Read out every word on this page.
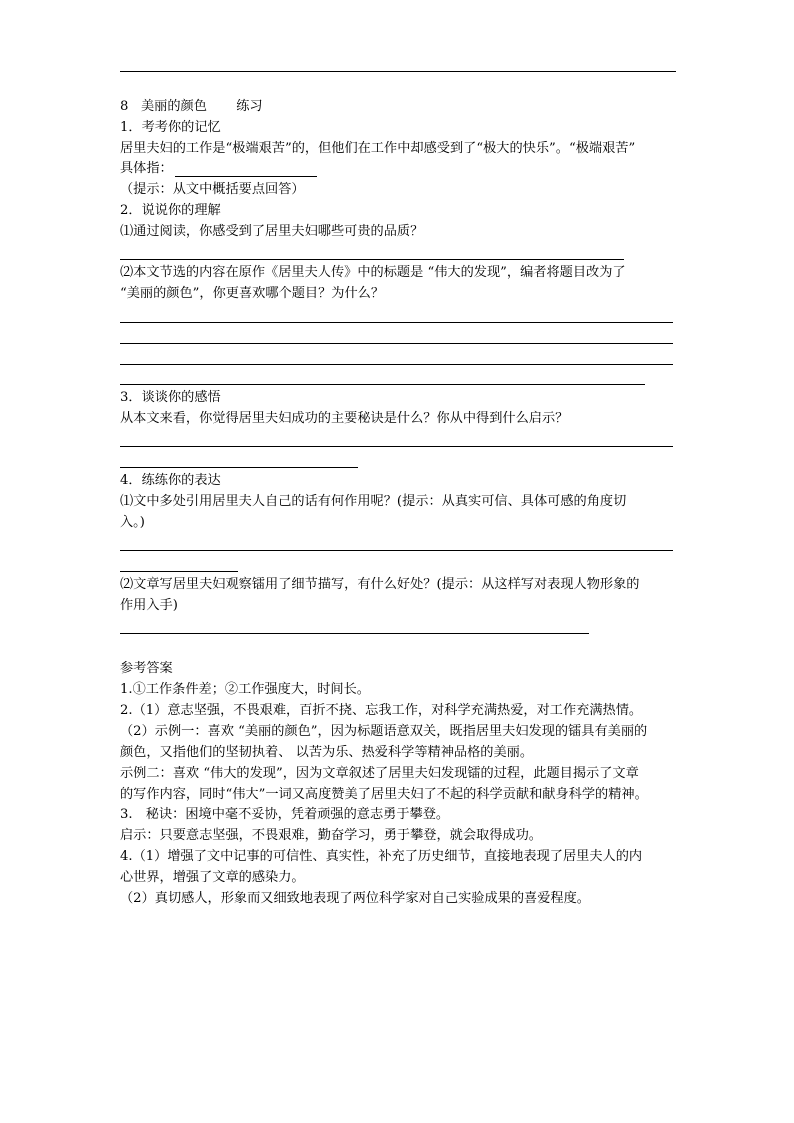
8 美丽的颜色 练习
1．考考你的记忆
居里夫妇的工作是“极端艰苦”的，但他们在工作中却感受到了“极大的快乐”。“极端艰苦”
具体指：
（提示：从文中概括要点回答）
2．说说你的理解
⑴通过阅读，你感受到了居里夫妇哪些可贵的品质？
⑵本文节选的内容在原作《居里夫人传》中的标题是 “伟大的发现”，编者将题目改为了
“美丽的颜色”，你更喜欢哪个题目？为什么？
3．谈谈你的感悟
从本文来看，你觉得居里夫妇成功的主要秘诀是什么？你从中得到什么启示？
4．练练你的表达
⑴文中多处引用居里夫人自己的话有何作用呢？(提示：从真实可信、具体可感的角度切
入。)
⑵文章写居里夫妇观察镭用了细节描写，有什么好处？(提示：从这样写对表现人物形象的
作用入手)
参考答案
1.①工作条件差；②工作强度大，时间长。
2.（1）意志坚强，不畏艰难，百折不挠、忘我工作，对科学充满热爱，对工作充满热情。
（2）示例一：喜欢 “美丽的颜色”，因为标题语意双关，既指居里夫妇发现的镭具有美丽的
颜色，又指他们的坚韧执着、 以苦为乐、热爱科学等精神品格的美丽。
示例二：喜欢 “伟大的发现”，因为文章叙述了居里夫妇发现镭的过程，此题目揭示了文章
的写作内容，同时“伟大”一词又高度赞美了居里夫妇了不起的科学贡献和献身科学的精神。
3.　秘诀：困境中毫不妥协，凭着顽强的意志勇于攀登。
启示：只要意志坚强，不畏艰难，勤奋学习，勇于攀登，就会取得成功。
4.（1）增强了文中记事的可信性、真实性，补充了历史细节，直接地表现了居里夫人的内
心世界，增强了文章的感染力。
（2）真切感人，形象而又细致地表现了两位科学家对自己实验成果的喜爱程度。
